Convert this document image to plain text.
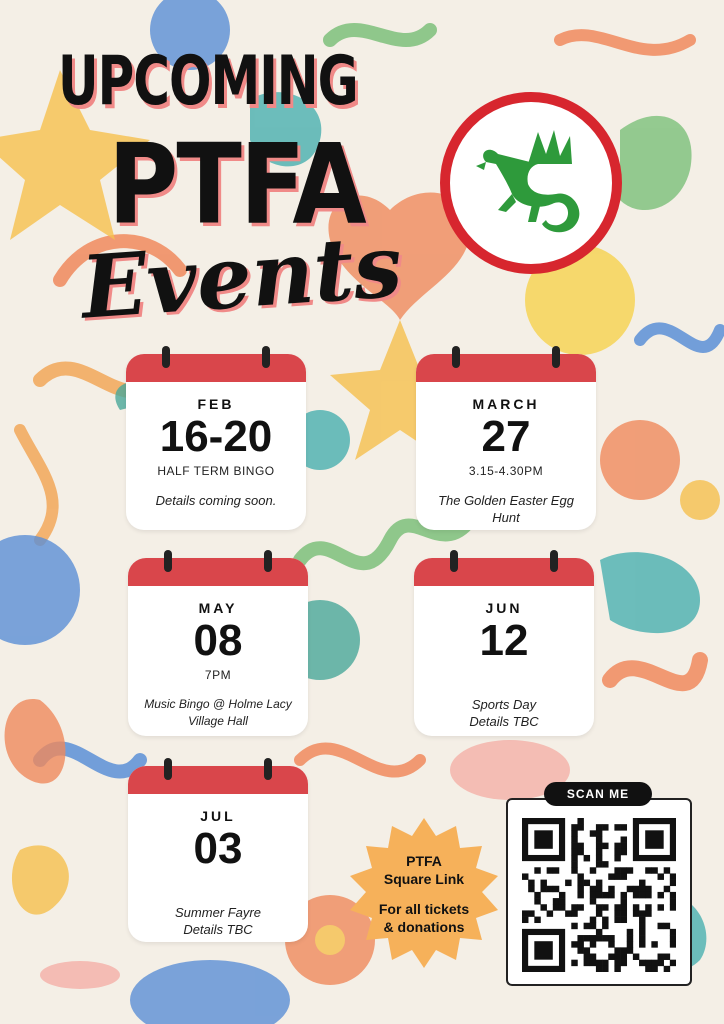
UPCOMING
PTFA
Events
FEB
16-20
HALF TERM BINGO
Details coming soon.
MARCH
27
3.15-4.30PM
The Golden Easter Egg Hunt
MAY
08
7PM
Music Bingo @ Holme Lacy Village Hall
JUN
12
Sports Day Details TBC
JUL
03
Summer Fayre Details TBC
PTFA
Square Link
For all tickets
& donations
SCAN ME
